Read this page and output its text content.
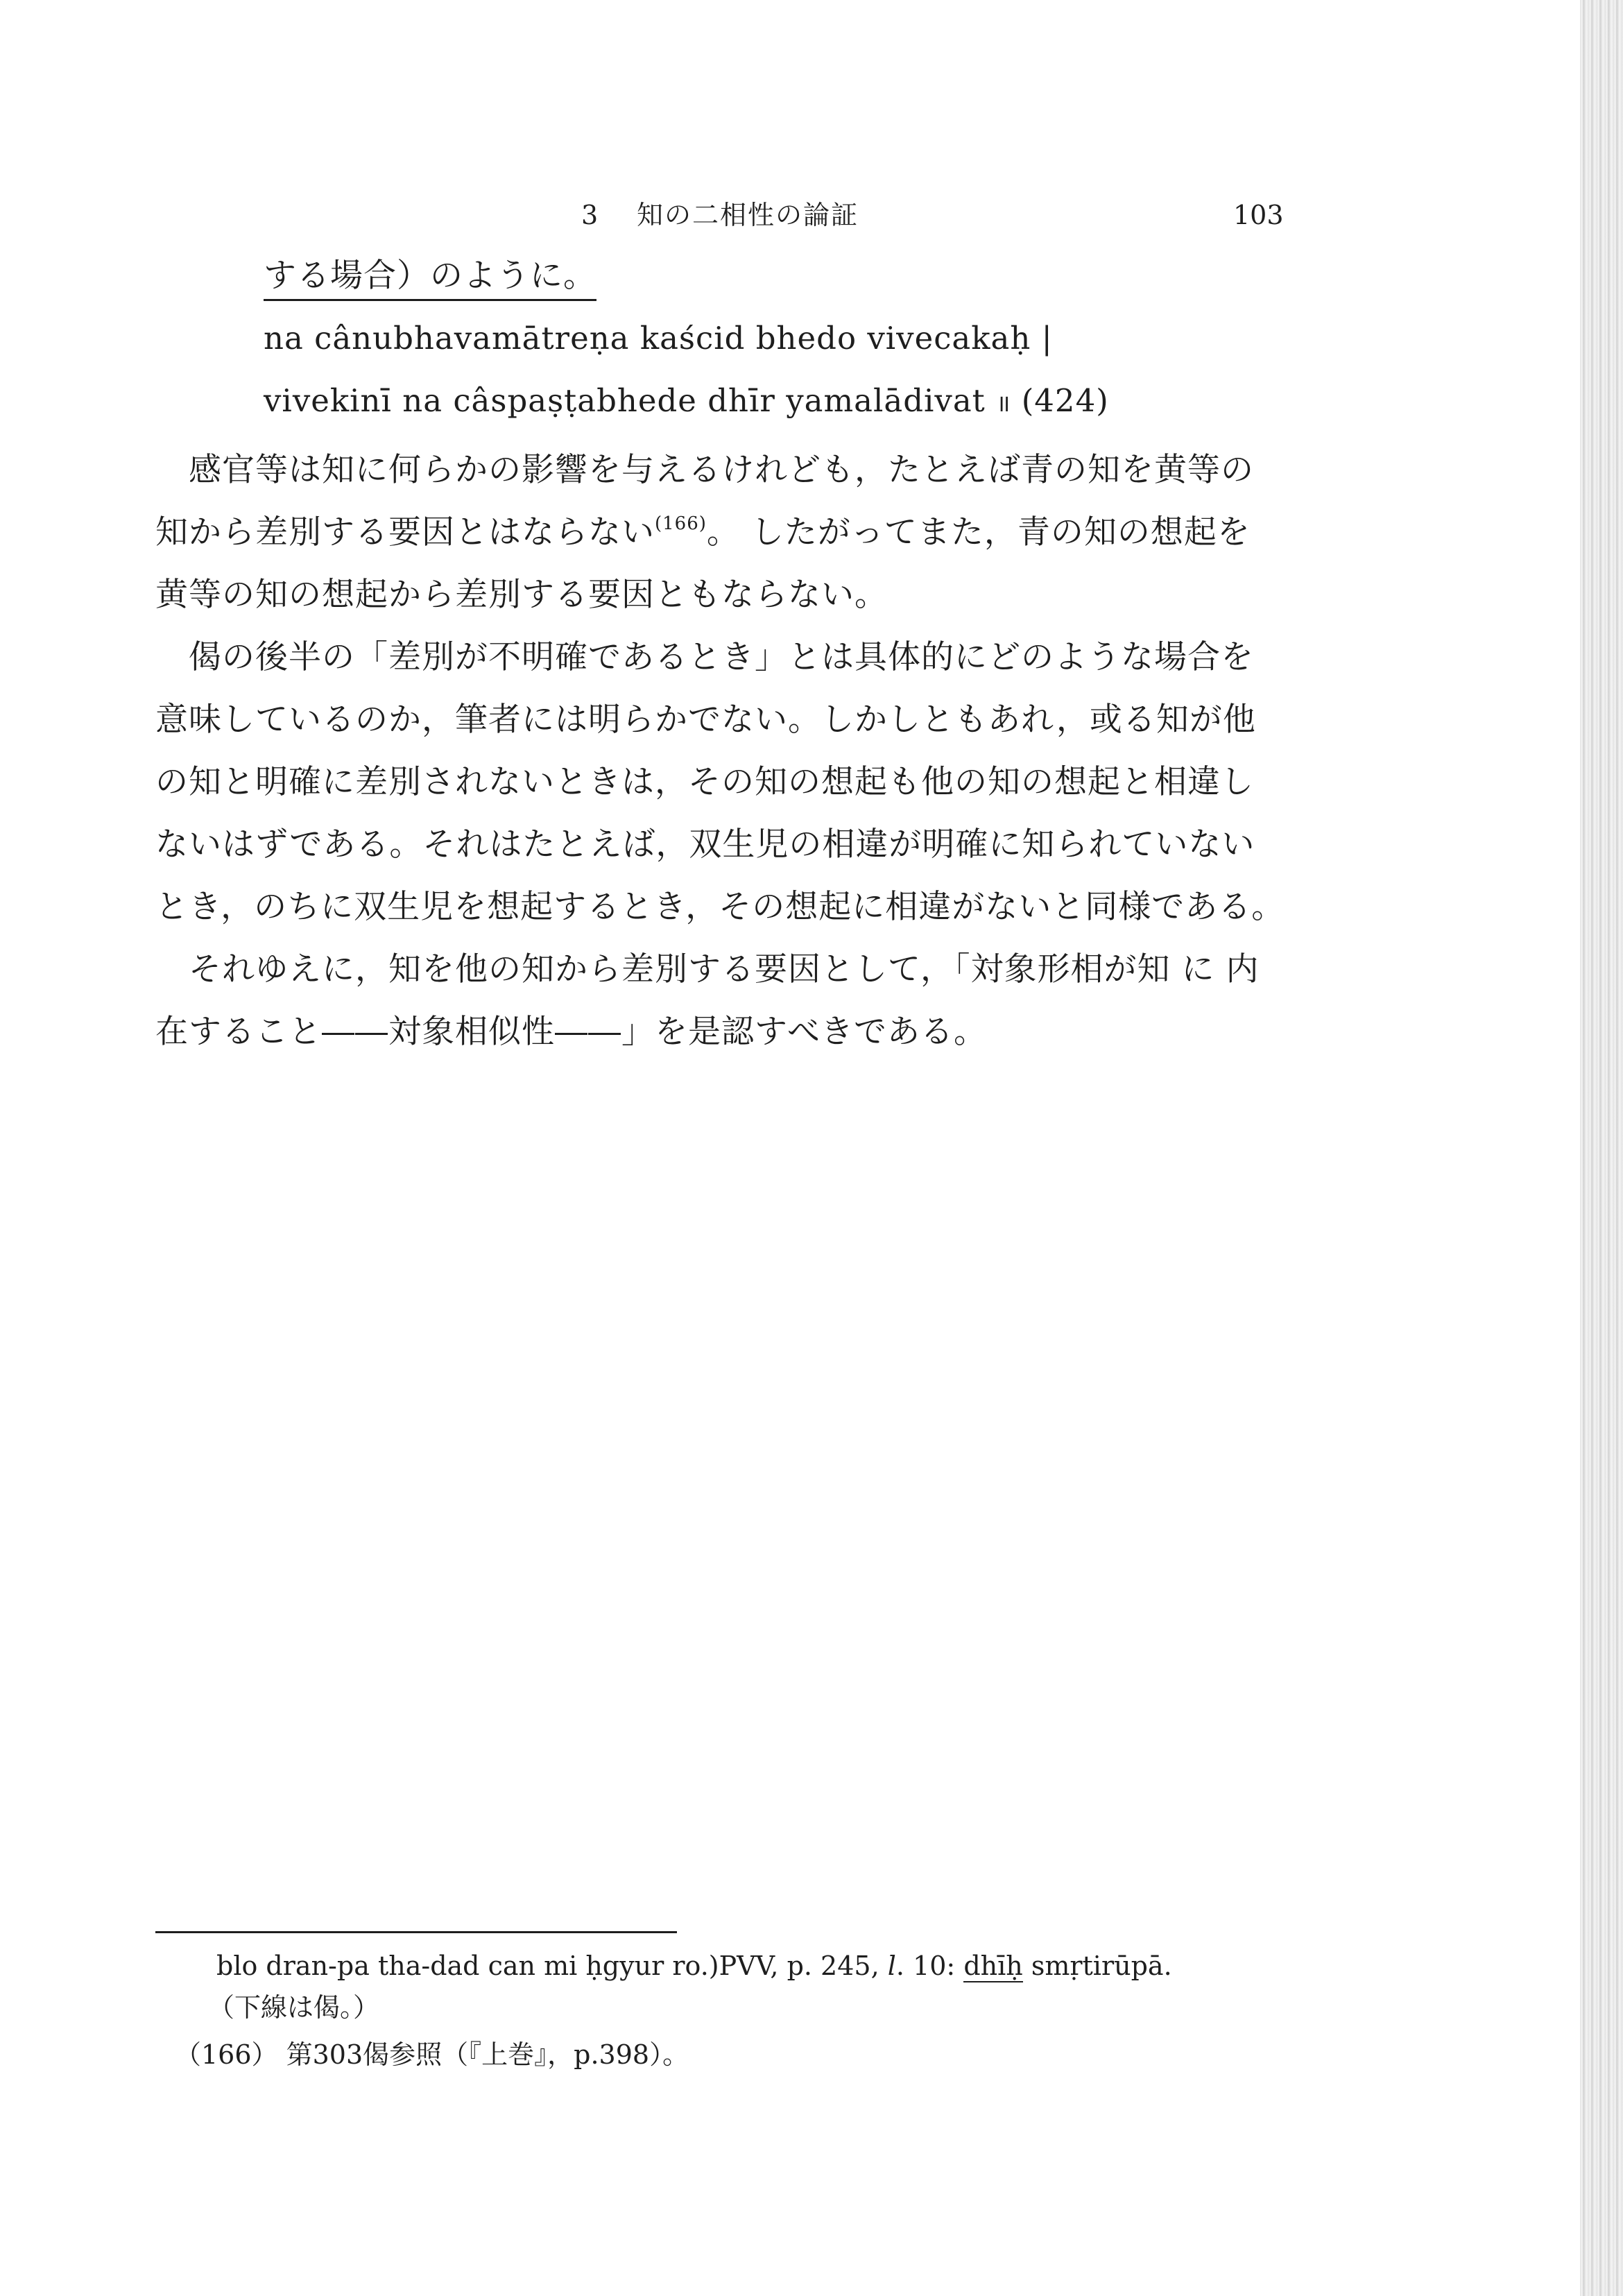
3 知の二相性の論証	103
する場合）のように。
na cânubhavamātreṇa kaścid bhedo vivecakaḥ |
vivekinī na câspaṣṭabhede dhīr yamalādivat ॥ (424)
感官等は知に何らかの影響を与えるけれども，たとえば青の知を黄等の
知から差別する要因とはならない$^{(166)}$。 したがってまた，青の知の想起を
黄等の知の想起から差別する要因ともならない。
偈の後半の「差別が不明確であるとき」とは具体的にどのような場合を
意味しているのか，筆者には明らかでない。しかしともあれ，或る知が他
の知と明確に差別されないときは，その知の想起も他の知の想起と相違し
ないはずである。それはたとえば，双生児の相違が明確に知られていない
とき，のちに双生児を想起するとき，その想起に相違がないと同様である。
それゆえに，知を他の知から差別する要因として，「対象形相が知 に 内
在すること――対象相似性――」を是認すべきである。
blo dran-pa tha-dad can mi ḥgyur ro.)PVV, p. 245, l. 10: dhīḥ smṛtirūpā.
（下線は偈。）
（166） 第303偈参照（『上巻』，p.398）。
